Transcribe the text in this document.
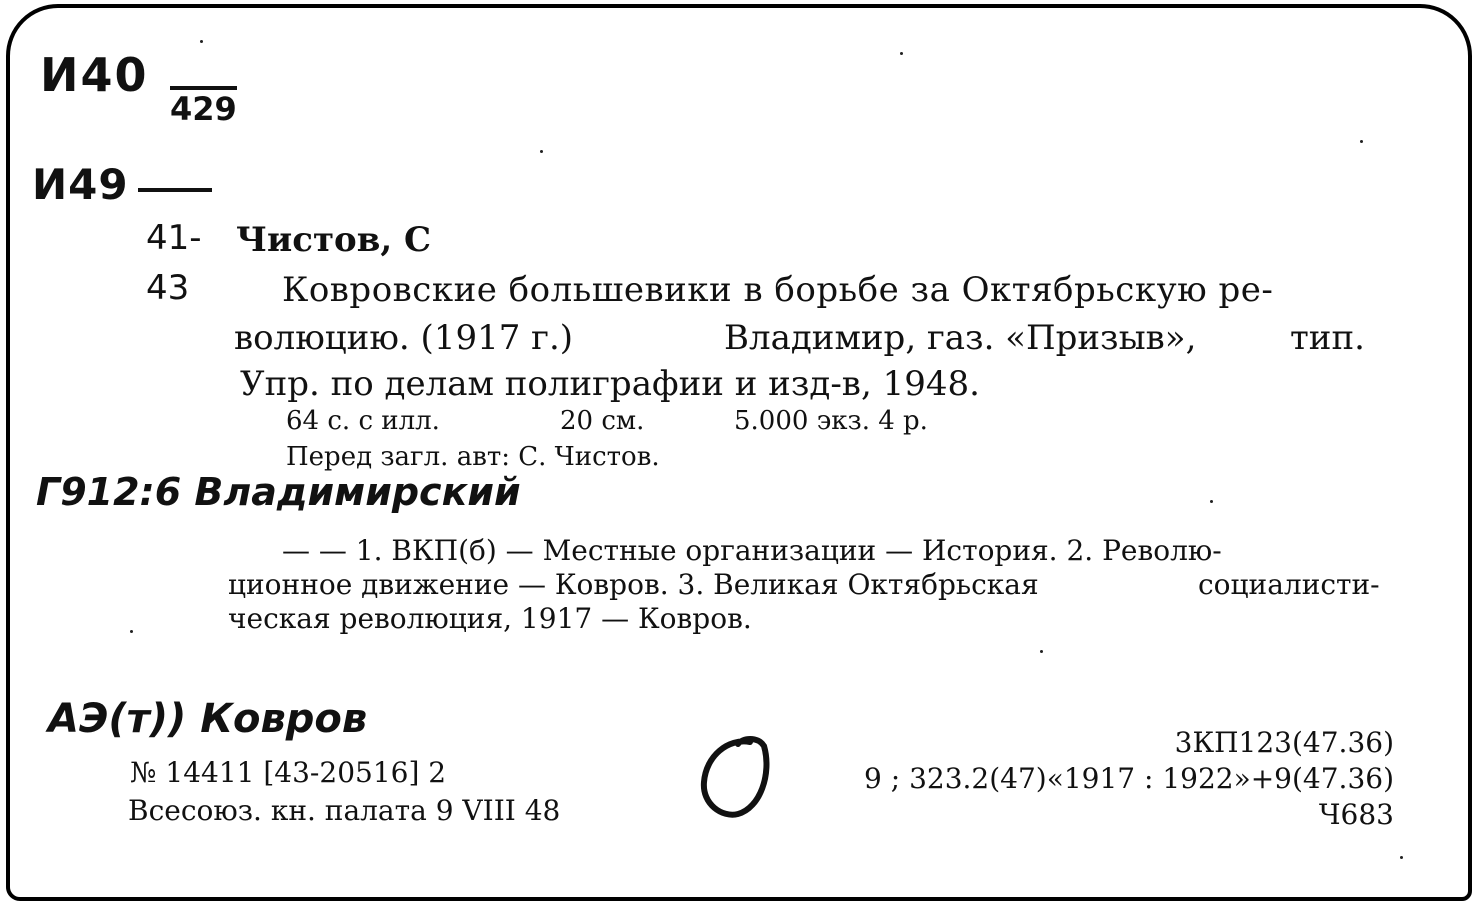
И40
429
И49
41-
43
Чистов, С
Ковровские большевики в борьбе за Октябрьскую ре-
волюцию. (1917 г.)	Владимир, газ. «Призыв»,	тип.
Упр. по делам полиграфии и изд-в, 1948.
64 с. с илл.	20 см.	5.000 экз. 4 р.
Перед загл. авт: С. Чистов.
Г912:6 Владимирский
— — 1. ВКП(б) — Местные организации — История. 2. Револю-
ционное движение — Ковров. 3. Великая Октябрьская	социалисти-
ческая революция, 1917 — Ковров.
АЭ(т)) Ковров
№ 14411 [43-20516] 2
Всесоюз. кн. палата 9 VIII 48
3КП123(47.36)
9 ; 323.2(47)«1917 : 1922»+9(47.36)
Ч683
